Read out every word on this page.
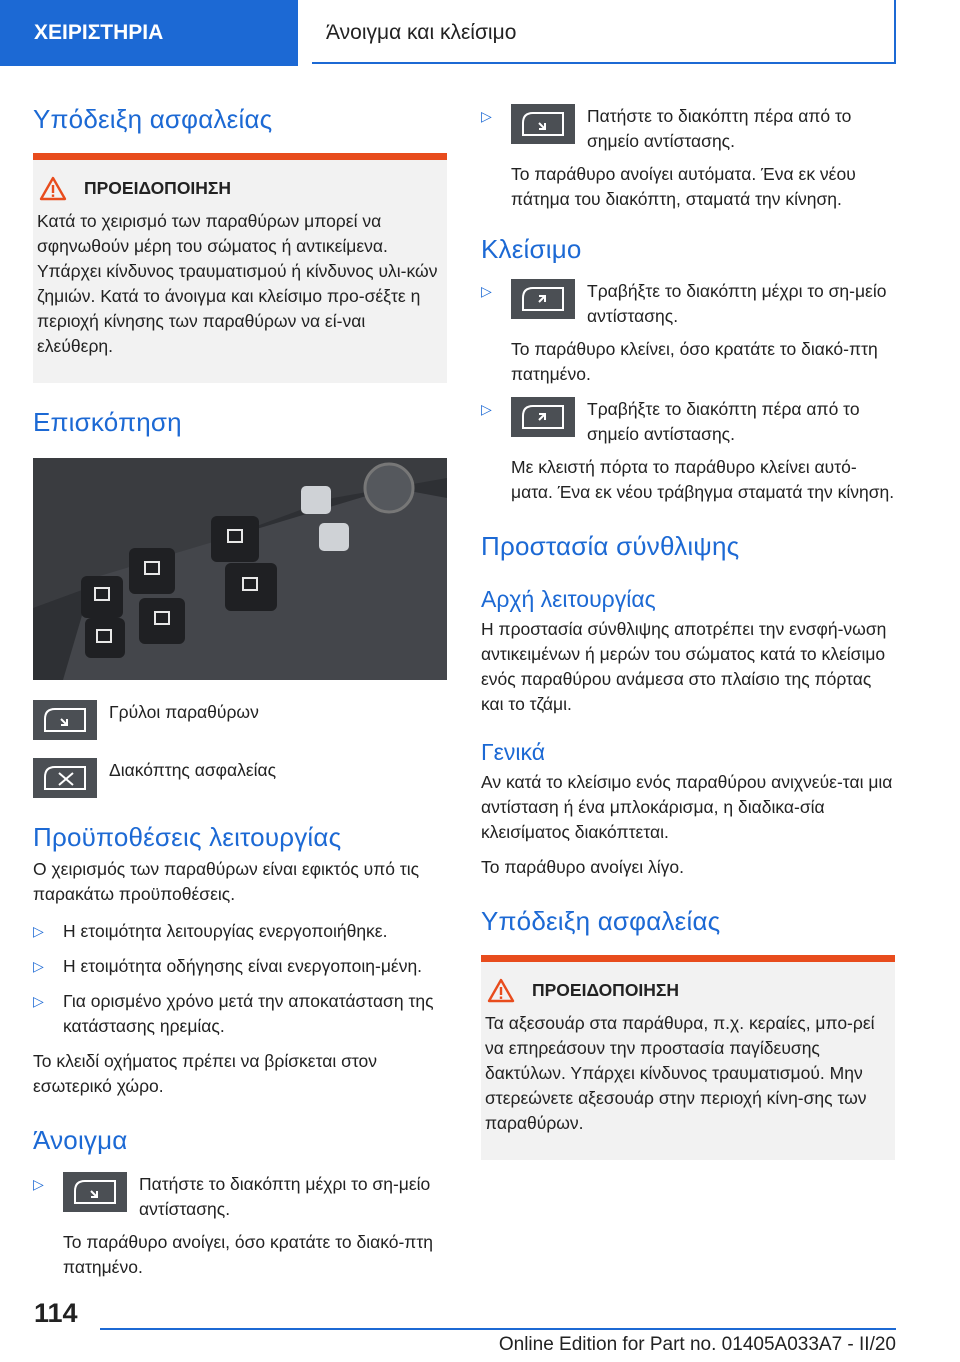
ΧΕΙΡΙΣΤΗΡΙΑ	Άνοιγμα και κλείσιμο
Υπόδειξη ασφαλείας
ΠΡΟΕΙΔΟΠΟΙΗΣΗ

Κατά το χειρισμό των παραθύρων μπορεί να σφηνωθούν μέρη του σώματος ή αντικείμενα. Υπάρχει κίνδυνος τραυματισμού ή κίνδυνος υλι-κών ζημιών. Κατά το άνοιγμα και κλείσιμο προ-σέξτε η περιοχή κίνησης των παραθύρων να εί-ναι ελεύθερη.

Επισκόπηση

Γρύλοι παραθύρων

Διακόπτης ασφαλείας

Προϋποθέσεις λειτουργίας

Ο χειρισμός των παραθύρων είναι εφικτός υπό τις παρακάτω προϋποθέσεις.

▷	Η ετοιμότητα λειτουργίας ενεργοποιήθηκε.

▷	Η ετοιμότητα οδήγησης είναι ενεργοποιη-μένη.

▷	Για ορισμένο χρόνο μετά την αποκατάσταση της κατάστασης ηρεμίας.

Το κλειδί οχήματος πρέπει να βρίσκεται στον εσωτερικό χώρο.

Άνοιγμα
▷	Πατήστε το διακόπτη μέχρι το ση-μείο αντίστασης.

Το παράθυρο ανοίγει, όσο κρατάτε το διακό-πτη πατημένο.

▷	Πατήστε το διακόπτη πέρα από το σημείο αντίστασης.

Το παράθυρο ανοίγει αυτόματα. Ένα εκ νέου πάτημα του διακόπτη, σταματά την κίνηση.

Κλείσιμο
▷	Τραβήξτε το διακόπτη μέχρι το ση-μείο αντίστασης.

Το παράθυρο κλείνει, όσο κρατάτε το διακό-πτη πατημένο.

▷	Τραβήξτε το διακόπτη πέρα από το σημείο αντίστασης.

Με κλειστή πόρτα το παράθυρο κλείνει αυτό-ματα. Ένα εκ νέου τράβηγμα σταματά την κίνηση.

Προστασία σύνθλιψης
Αρχή λειτουργίας

Η προστασία σύνθλιψης αποτρέπει την ενσφή-νωση αντικειμένων ή μερών του σώματος κατά το κλείσιμο ενός παραθύρου ανάμεσα στο πλαίσιο της πόρτας και το τζάμι.

Γενικά

Αν κατά το κλείσιμο ενός παραθύρου ανιχνεύε-ται μια αντίσταση ή ένα μπλοκάρισμα, η διαδικα-σία κλεισίματος διακόπτεται.

Το παράθυρο ανοίγει λίγο.

Υπόδειξη ασφαλείας
ΠΡΟΕΙΔΟΠΟΙΗΣΗ

Τα αξεσουάρ στα παράθυρα, π.χ. κεραίες, μπο-ρεί να επηρεάσουν την προστασία παγίδευσης δακτύλων. Υπάρχει κίνδυνος τραυματισμού. Μην στερεώνετε αξεσουάρ στην περιοχή κίνη-σης των παραθύρων.

114
Online Edition for Part no. 01405A033A7 - II/20
